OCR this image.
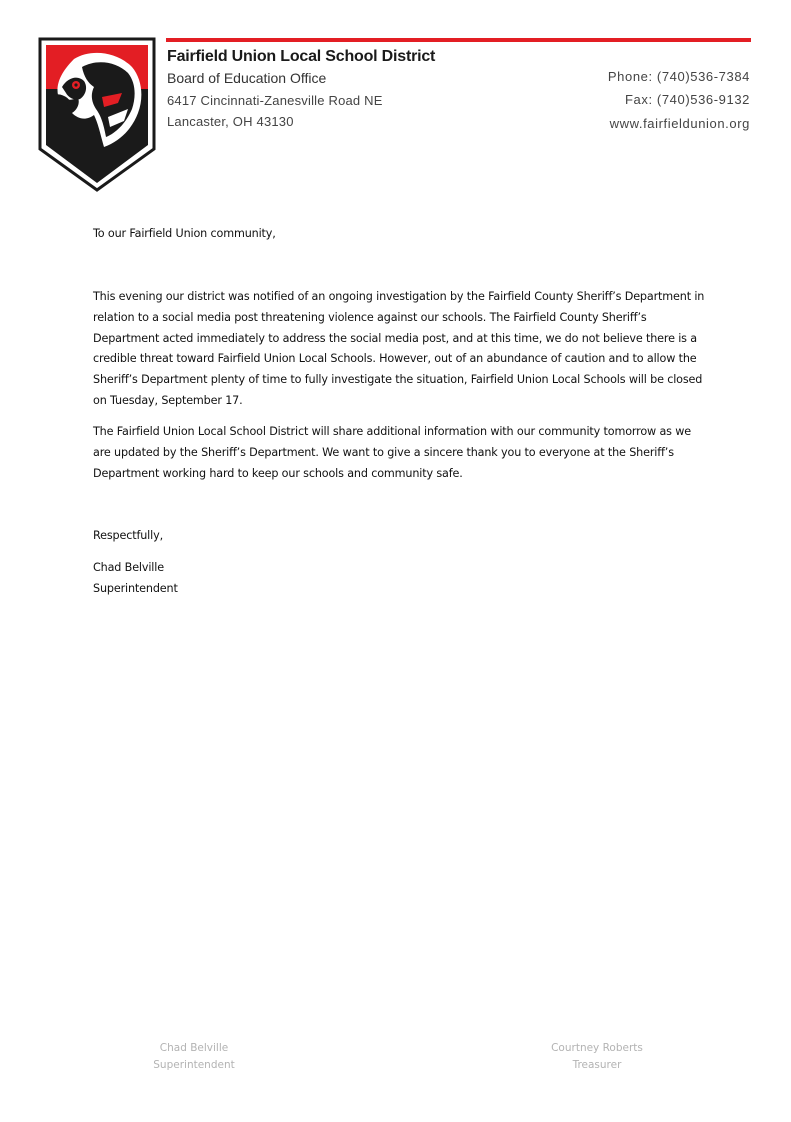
Fairfield Union Local School District
Board of Education Office
6417 Cincinnati-Zanesville Road NE
Lancaster, OH 43130
Phone: (740)536-7384
Fax: (740)536-9132
www.fairfieldunion.org
To our Fairfield Union community,
This evening our district was notified of an ongoing investigation by the Fairfield County Sheriff’s Department in relation to a social media post threatening violence against our schools. The Fairfield County Sheriff’s Department acted immediately to address the social media post, and at this time, we do not believe there is a credible threat toward Fairfield Union Local Schools. However, out of an abundance of caution and to allow the Sheriff’s Department plenty of time to fully investigate the situation, Fairfield Union Local Schools will be closed on Tuesday, September 17.
The Fairfield Union Local School District will share additional information with our community tomorrow as we are updated by the Sheriff’s Department. We want to give a sincere thank you to everyone at the Sheriff’s Department working hard to keep our schools and community safe.
Respectfully,
Chad Belville
Superintendent
Chad Belville
Superintendent
Courtney Roberts
Treasurer
